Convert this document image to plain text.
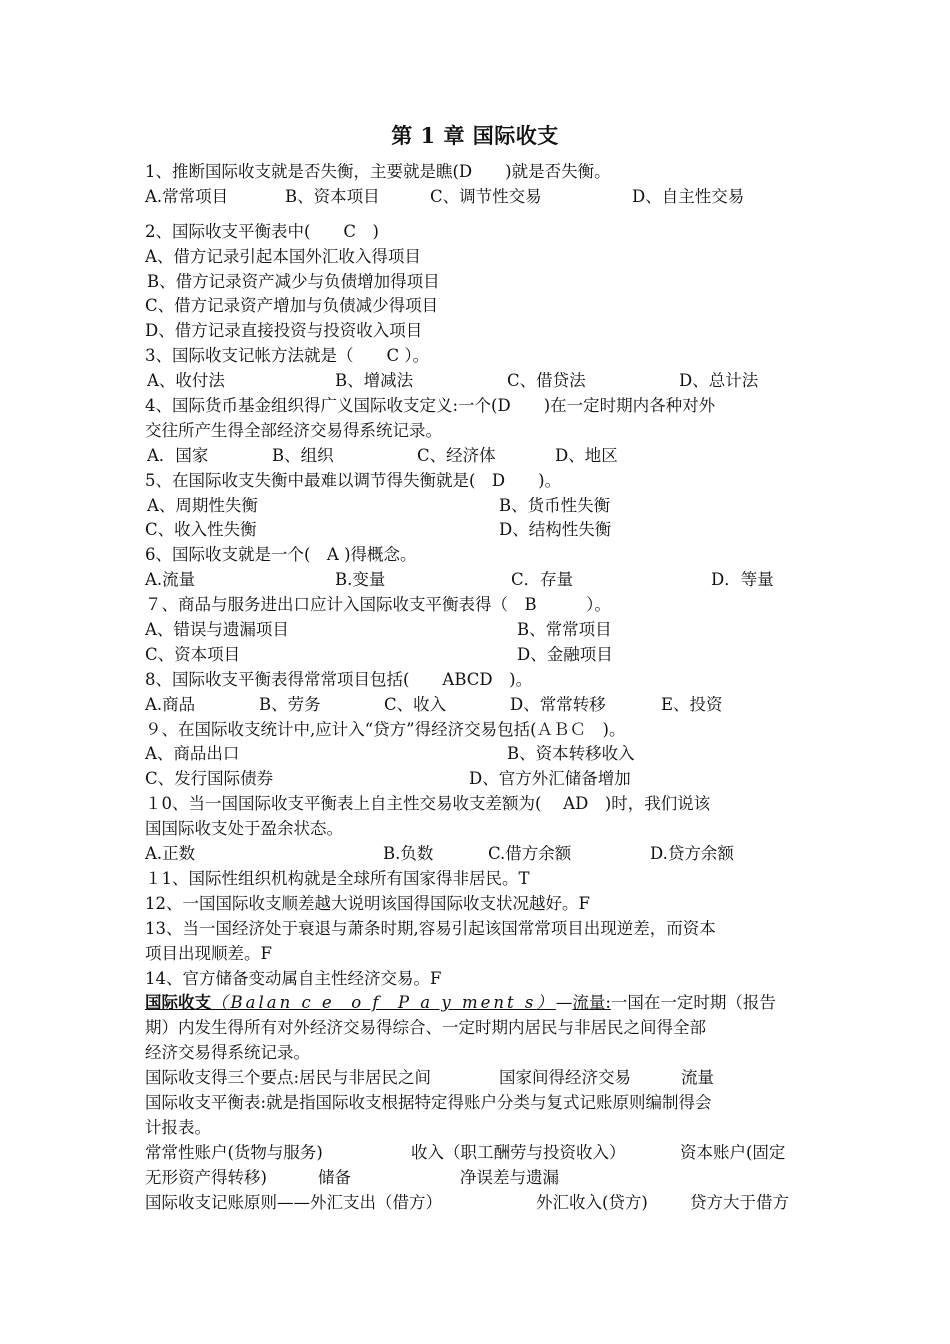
第 1 章 国际收支

1、推断国际收支就是否失衡，主要就是瞧(D　　)就是否失衡。

A.常常项目

	B、资本项目

	C、调节性交易

	D、自主性交易

2、国际收支平衡表中(　　C　)

A、借方记录引起本国外汇收入得项目

B、借方记录资产减少与负债增加得项目

C、借方记录资产增加与负债减少得项目

D、借方记录直接投资与投资收入项目

3、国际收支记帐方法就是（　　C ）。

A、收付法

	B、增减法

	C、借贷法

	D、总计法

4、国际货币基金组织得广义国际收支定义:一个(D　　)在一定时期内各种对外

交往所产生得全部经济交易得系统记录。

A．国家

	B、组织

	C、经济体

	D、地区

5、在国际收支失衡中最难以调节得失衡就是(　D　　)。

A、周期性失衡

	B、货币性失衡

C、收入性失衡

	D、结构性失衡

6、国际收支就是一个(　A )得概念。

A.流量

	B.变量

	C．存量

	D．等量

７、商品与服务进出口应计入国际收支平衡表得（　B　　　）。

A、错误与遗漏项目

	B、常常项目

C、资本项目

	D、金融项目

8、国际收支平衡表得常常项目包括(　　ABCD　)。

A.商品

	B、劳务

	C、收入

	D、常常转移

	E、投资

９、在国际收支统计中,应计入“贷方”得经济交易包括(ＡＢＣ　)。

A、商品出口

	B、资本转移收入

C、发行国际债券

	D、官方外汇储备增加

１0、当一国国际收支平衡表上自主性交易收支差额为(　 AD　)时，我们说该

国国际收支处于盈余状态。

A.正数

	B.负数

	C.借方余额

	D.贷方余额

１1、国际性组织机构就是全球所有国家得非居民。T

12、一国国际收支顺差越大说明该国得国际收支状况越好。F

13、当一国经济处于衰退与萧条时期,容易引起该国常常项目出现逆差，而资本

项目出现顺差。F

14、官方储备变动属自主性经济交易。F

国际收支（Balan c e  o f  P a y ment s）—流量:一国在一定时期（报告

期）内发生得所有对外经济交易得综合、一定时期内居民与非居民之间得全部

经济交易得系统记录。

国际收支得三个要点:居民与非居民之间

	国家间得经济交易

	流量

国际收支平衡表:就是指国际收支根据特定得账户分类与复式记账原则编制得会

计报表。

常常性账户(货物与服务)

	收入（职工酬劳与投资收入）

	资本账户(固定

无形资产得转移)

	储备

	净误差与遗漏

国际收支记账原则——外汇支出（借方）

	外汇收入(贷方)

	贷方大于借方
